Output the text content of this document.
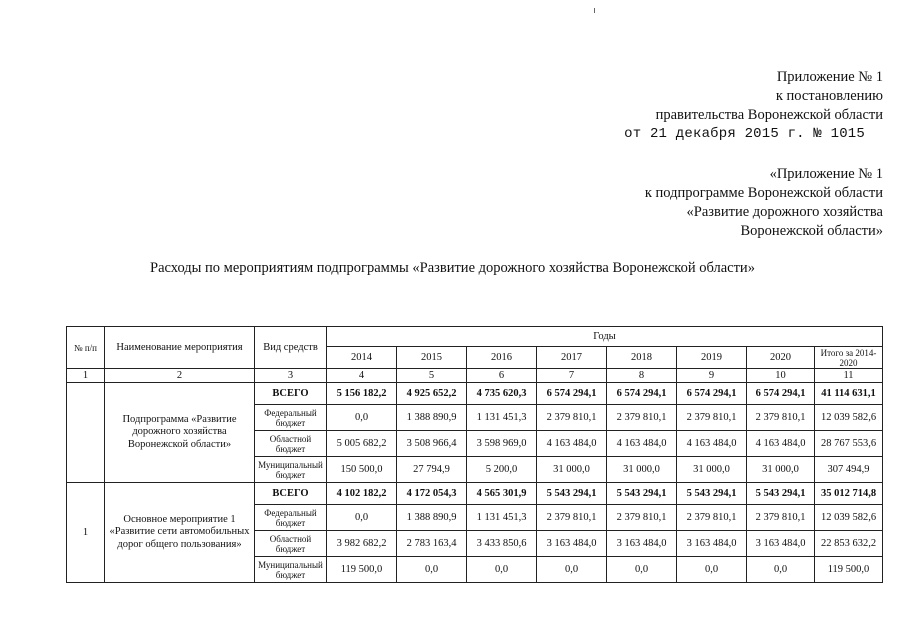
Приложение № 1
к постановлению
правительства Воронежской области
от 21 декабря 2015 г. № 1015
«Приложение № 1
к подпрограмме Воронежской области
«Развитие дорожного хозяйства
Воронежской области»
Расходы по мероприятиям подпрограммы «Развитие дорожного хозяйства Воронежской области»
№ п/п	Наименование мероприятия	Вид средств	Годы							
			2014	2015	2016	2017	2018	2019	2020	Итого за 2014-2020
1	2	3	4	5	6	7	8	9	10	11
	Подпрограмма «Развитие дорожного хозяйства Воронежской области»	ВСЕГО	5 156 182,2	4 925 652,2	4 735 620,3	6 574 294,1	6 574 294,1	6 574 294,1	6 574 294,1	41 114 631,1
		Федеральный бюджет	0,0	1 388 890,9	1 131 451,3	2 379 810,1	2 379 810,1	2 379 810,1	2 379 810,1	12 039 582,6
		Областной бюджет	5 005 682,2	3 508 966,4	3 598 969,0	4 163 484,0	4 163 484,0	4 163 484,0	4 163 484,0	28 767 553,6
		Муниципальный бюджет	150 500,0	27 794,9	5 200,0	31 000,0	31 000,0	31 000,0	31 000,0	307 494,9
1	Основное мероприятие 1 «Развитие сети автомобильных дорог общего пользования»	ВСЕГО	4 102 182,2	4 172 054,3	4 565 301,9	5 543 294,1	5 543 294,1	5 543 294,1	5 543 294,1	35 012 714,8
		Федеральный бюджет	0,0	1 388 890,9	1 131 451,3	2 379 810,1	2 379 810,1	2 379 810,1	2 379 810,1	12 039 582,6
		Областной бюджет	3 982 682,2	2 783 163,4	3 433 850,6	3 163 484,0	3 163 484,0	3 163 484,0	3 163 484,0	22 853 632,2
		Муниципальный бюджет	119 500,0	0,0	0,0	0,0	0,0	0,0	0,0	119 500,0
